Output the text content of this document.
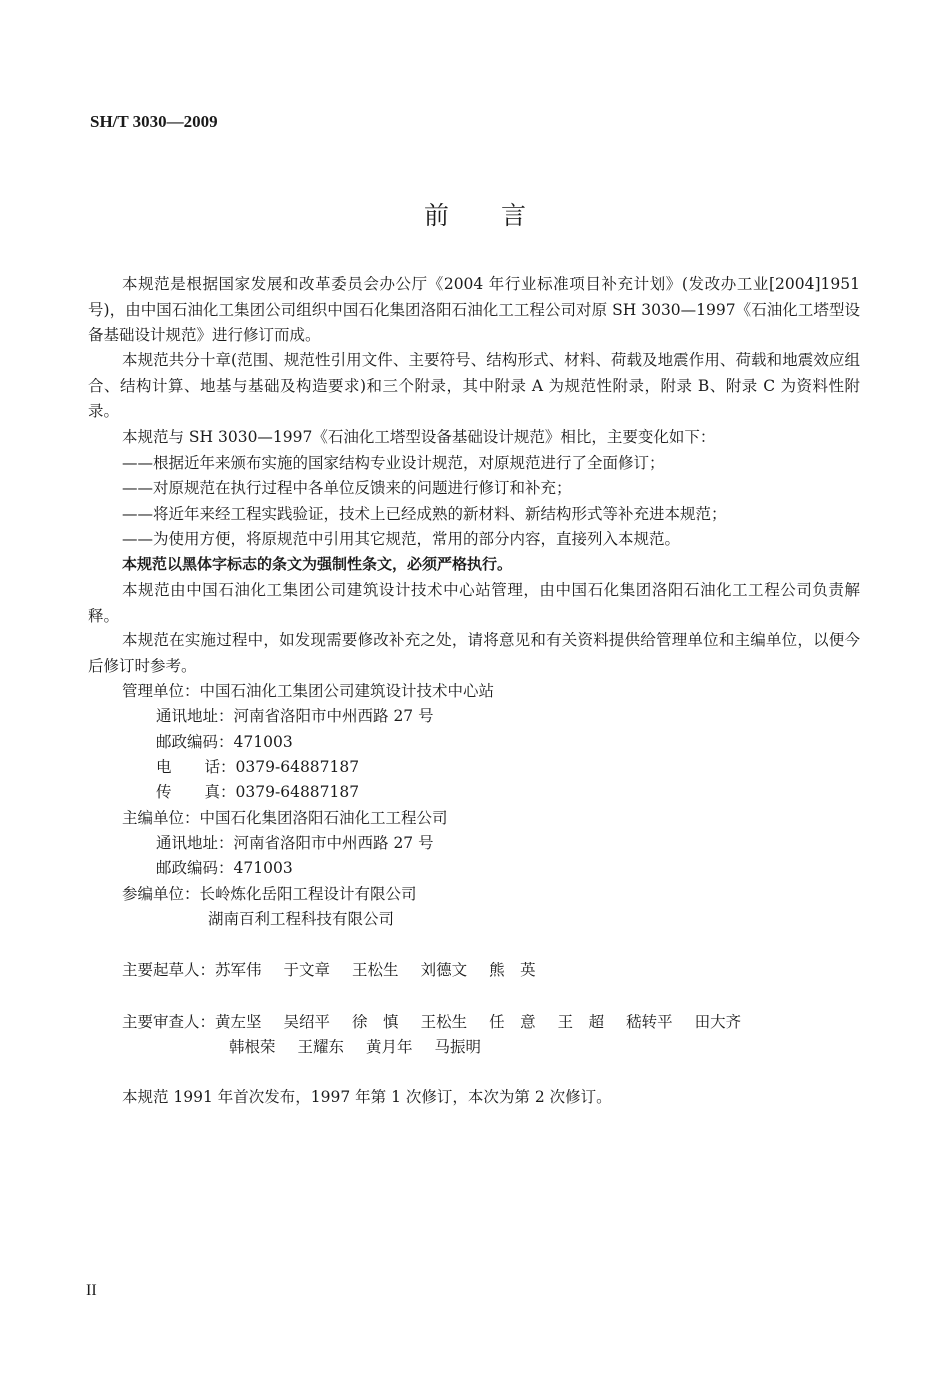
SH/T 3030—2009
前言
本规范是根据国家发展和改革委员会办公厅《2004 年行业标准项目补充计划》(发改办工业[2004]1951 号)，由中国石油化工集团公司组织中国石化集团洛阳石油化工工程公司对原 SH 3030—1997《石油化工塔型设备基础设计规范》进行修订而成。
本规范共分十章(范围、规范性引用文件、主要符号、结构形式、材料、荷载及地震作用、荷载和地震效应组合、结构计算、地基与基础及构造要求)和三个附录，其中附录 A 为规范性附录，附录 B、附录 C 为资料性附录。
本规范与 SH 3030—1997《石油化工塔型设备基础设计规范》相比，主要变化如下：
——根据近年来颁布实施的国家结构专业设计规范，对原规范进行了全面修订；
——对原规范在执行过程中各单位反馈来的问题进行修订和补充；
——将近年来经工程实践验证，技术上已经成熟的新材料、新结构形式等补充进本规范；
——为使用方便，将原规范中引用其它规范，常用的部分内容，直接列入本规范。
本规范以黑体字标志的条文为强制性条文，必须严格执行。
本规范由中国石油化工集团公司建筑设计技术中心站管理，由中国石化集团洛阳石油化工工程公司负责解释。
本规范在实施过程中，如发现需要修改补充之处，请将意见和有关资料提供给管理单位和主编单位，以便今后修订时参考。
管理单位：中国石油化工集团公司建筑设计技术中心站
通讯地址：河南省洛阳市中州西路 27 号
邮政编码：471003
电 话：0379-64887187
传 真：0379-64887187
主编单位：中国石化集团洛阳石油化工工程公司
通讯地址：河南省洛阳市中州西路 27 号
邮政编码：471003
参编单位：长岭炼化岳阳工程设计有限公司
湖南百利工程科技有限公司
主要起草人：苏军伟 于文章 王松生 刘德文 熊　英
主要审查人：黄左坚 吴绍平 徐　慎 王松生 任　意 王　超 嵇转平 田大齐
韩根荣 王耀东 黄月年 马振明
本规范 1991 年首次发布，1997 年第 1 次修订，本次为第 2 次修订。
II
